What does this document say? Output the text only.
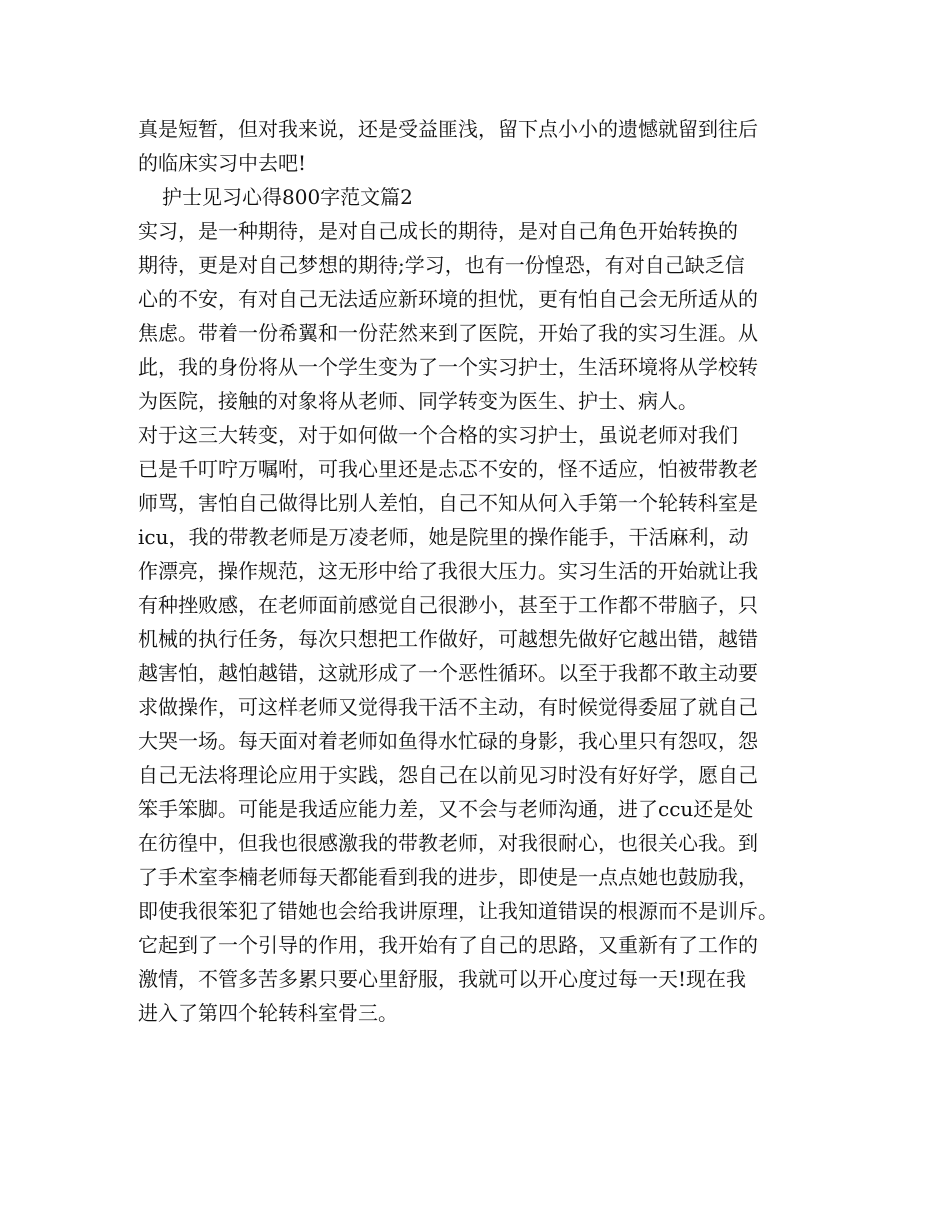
真是短暂，但对我来说，还是受益匪浅，留下点小小的遗憾就留到往后
的临床实习中去吧!
护士见习心得800字范文篇2
实习，是一种期待，是对自己成长的期待，是对自己角色开始转换的
期待，更是对自己梦想的期待;学习，也有一份惶恐，有对自己缺乏信
心的不安，有对自己无法适应新环境的担忧，更有怕自己会无所适从的
焦虑。带着一份希翼和一份茫然来到了医院，开始了我的实习生涯。从
此，我的身份将从一个学生变为了一个实习护士，生活环境将从学校转
为医院，接触的对象将从老师、同学转变为医生、护士、病人。
对于这三大转变，对于如何做一个合格的实习护士，虽说老师对我们
已是千叮咛万嘱咐，可我心里还是忐忑不安的，怪不适应，怕被带教老
师骂，害怕自己做得比别人差怕，自己不知从何入手第一个轮转科室是
icu，我的带教老师是万凌老师，她是院里的操作能手，干活麻利，动
作漂亮，操作规范，这无形中给了我很大压力。实习生活的开始就让我
有种挫败感，在老师面前感觉自己很渺小，甚至于工作都不带脑子，只
机械的执行任务，每次只想把工作做好，可越想先做好它越出错，越错
越害怕，越怕越错，这就形成了一个恶性循环。以至于我都不敢主动要
求做操作，可这样老师又觉得我干活不主动，有时候觉得委屈了就自己
大哭一场。每天面对着老师如鱼得水忙碌的身影，我心里只有怨叹，怨
自己无法将理论应用于实践，怨自己在以前见习时没有好好学，愿自己
笨手笨脚。可能是我适应能力差，又不会与老师沟通，进了ccu还是处
在彷徨中，但我也很感激我的带教老师，对我很耐心，也很关心我。到
了手术室李楠老师每天都能看到我的进步，即使是一点点她也鼓励我，
即使我很笨犯了错她也会给我讲原理，让我知道错误的根源而不是训斥。
它起到了一个引导的作用，我开始有了自己的思路，又重新有了工作的
激情，不管多苦多累只要心里舒服，我就可以开心度过每一天!现在我
进入了第四个轮转科室骨三。
